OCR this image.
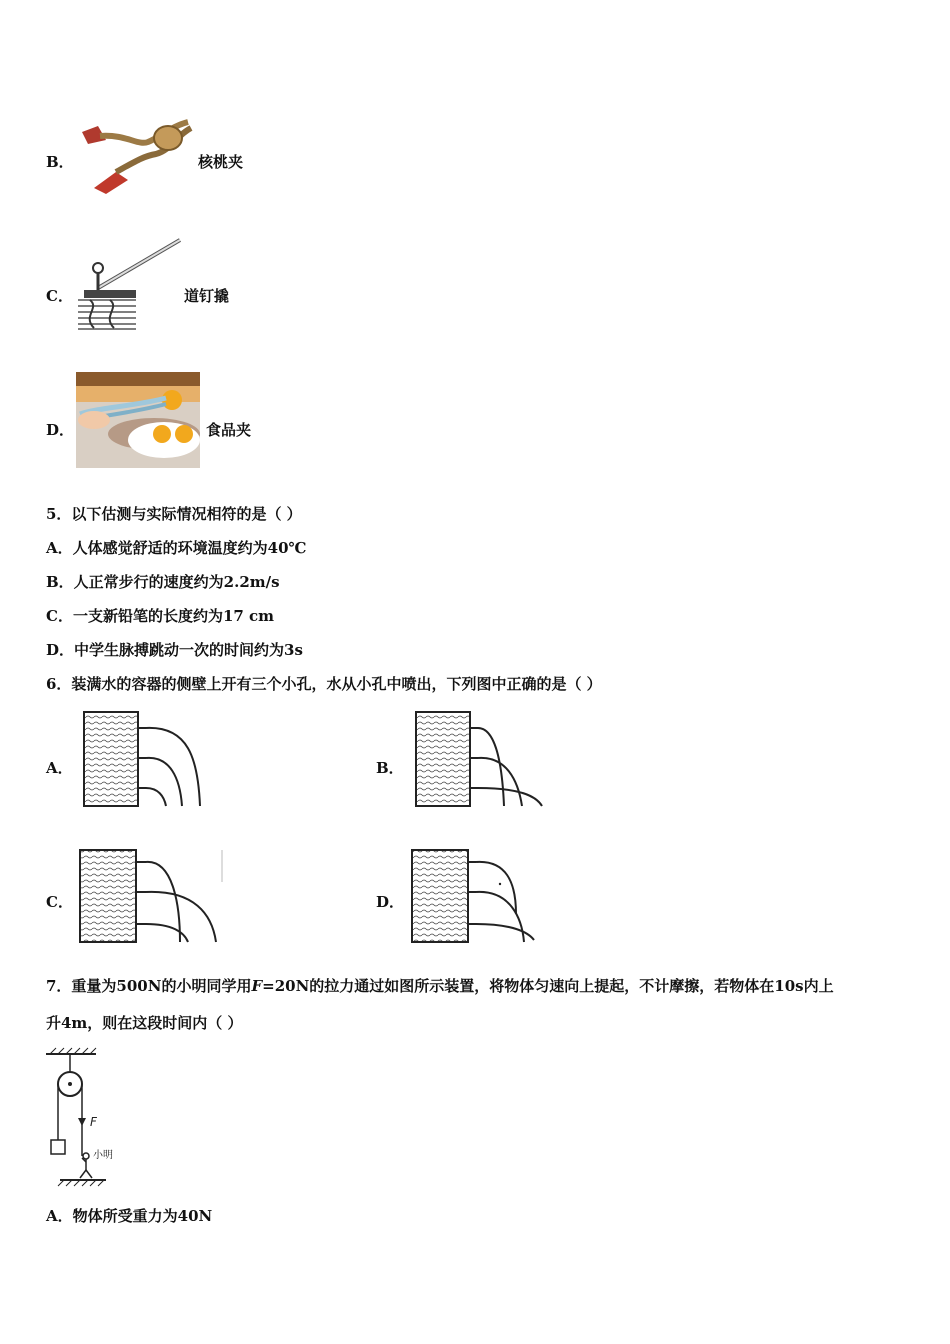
B．	核桃夹
C．	道钉撬
D．	食品夹
5．以下估测与实际情况相符的是（ ）
A．人体感觉舒适的环境温度约为40℃
B．人正常步行的速度约为2.2m/s
C．一支新铅笔的长度约为17 cm
D．中学生脉搏跳动一次的时间约为3s
6．装满水的容器的侧壁上开有三个小孔，水从小孔中喷出，下列图中正确的是（ ）
A．	B．
C．	D．
7．重量为500N的小明同学用F=20N的拉力通过如图所示装置，将物体匀速向上提起，不计摩擦，若物体在10s内上
升4m，则在这段时间内（ ）
F
小明
A．物体所受重力为40N
